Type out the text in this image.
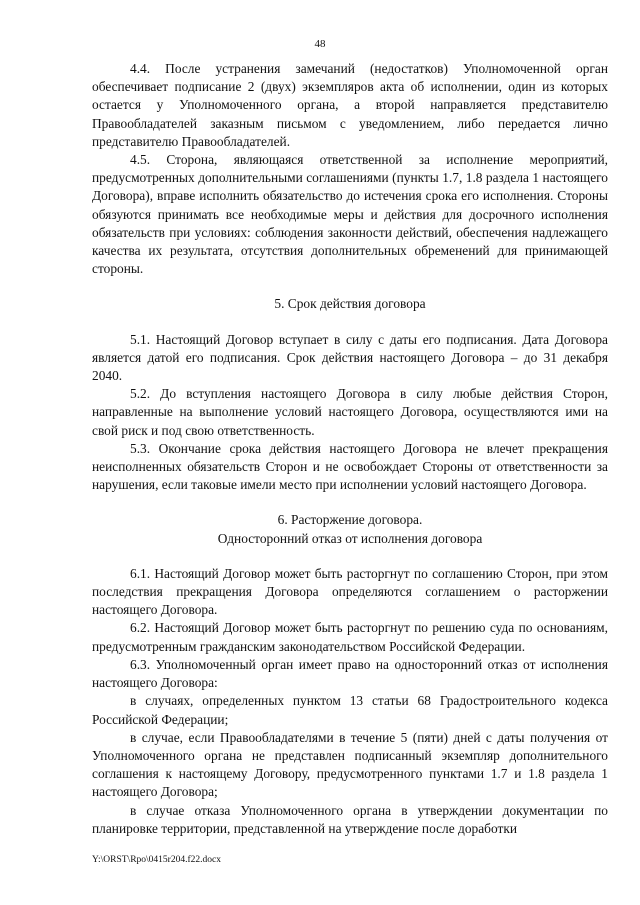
48

4.4. После устранения замечаний (недостатков) Уполномоченной орган обеспечивает подписание 2 (двух) экземпляров акта об исполнении, один из которых остается у Уполномоченного органа, а второй направляется представителю Правообладателей заказным письмом с уведомлением, либо передается лично представителю Правообладателей.

4.5. Сторона, являющаяся ответственной за исполнение мероприятий, предусмотренных дополнительными соглашениями (пункты 1.7, 1.8 раздела 1 настоящего Договора), вправе исполнить обязательство до истечения срока его исполнения. Стороны обязуются принимать все необходимые меры и действия для досрочного исполнения обязательств при условиях: соблюдения законности действий, обеспечения надлежащего качества их результата, отсутствия дополнительных обременений для принимающей стороны.

5. Срок действия договора

5.1. Настоящий Договор вступает в силу с даты его подписания. Дата Договора является датой его подписания. Срок действия настоящего Договора – до 31 декабря 2040.

5.2. До вступления настоящего Договора в силу любые действия Сторон, направленные на выполнение условий настоящего Договора, осуществляются ими на свой риск и под свою ответственность.

5.3. Окончание срока действия настоящего Договора не влечет прекращения неисполненных обязательств Сторон и не освобождает Стороны от ответственности за нарушения, если таковые имели место при исполнении условий настоящего Договора.

6. Расторжение договора.

Односторонний отказ от исполнения договора

6.1. Настоящий Договор может быть расторгнут по соглашению Сторон, при этом последствия прекращения Договора определяются соглашением о расторжении настоящего Договора.

6.2. Настоящий Договор может быть расторгнут по решению суда по основаниям, предусмотренным гражданским законодательством Российской Федерации.

6.3. Уполномоченный орган имеет право на односторонний отказ от исполнения настоящего Договора:

в случаях, определенных пунктом 13 статьи 68 Градостроительного кодекса Российской Федерации;

в случае, если Правообладателями в течение 5 (пяти) дней с даты получения от Уполномоченного органа не представлен подписанный экземпляр дополнительного соглашения к настоящему Договору, предусмотренного пунктами 1.7 и 1.8 раздела 1 настоящего Договора;

в случае отказа Уполномоченного органа в утверждении документации по планировке территории, представленной на утверждение после доработки

Y:\ORST\Rpo\0415r204.f22.docx
